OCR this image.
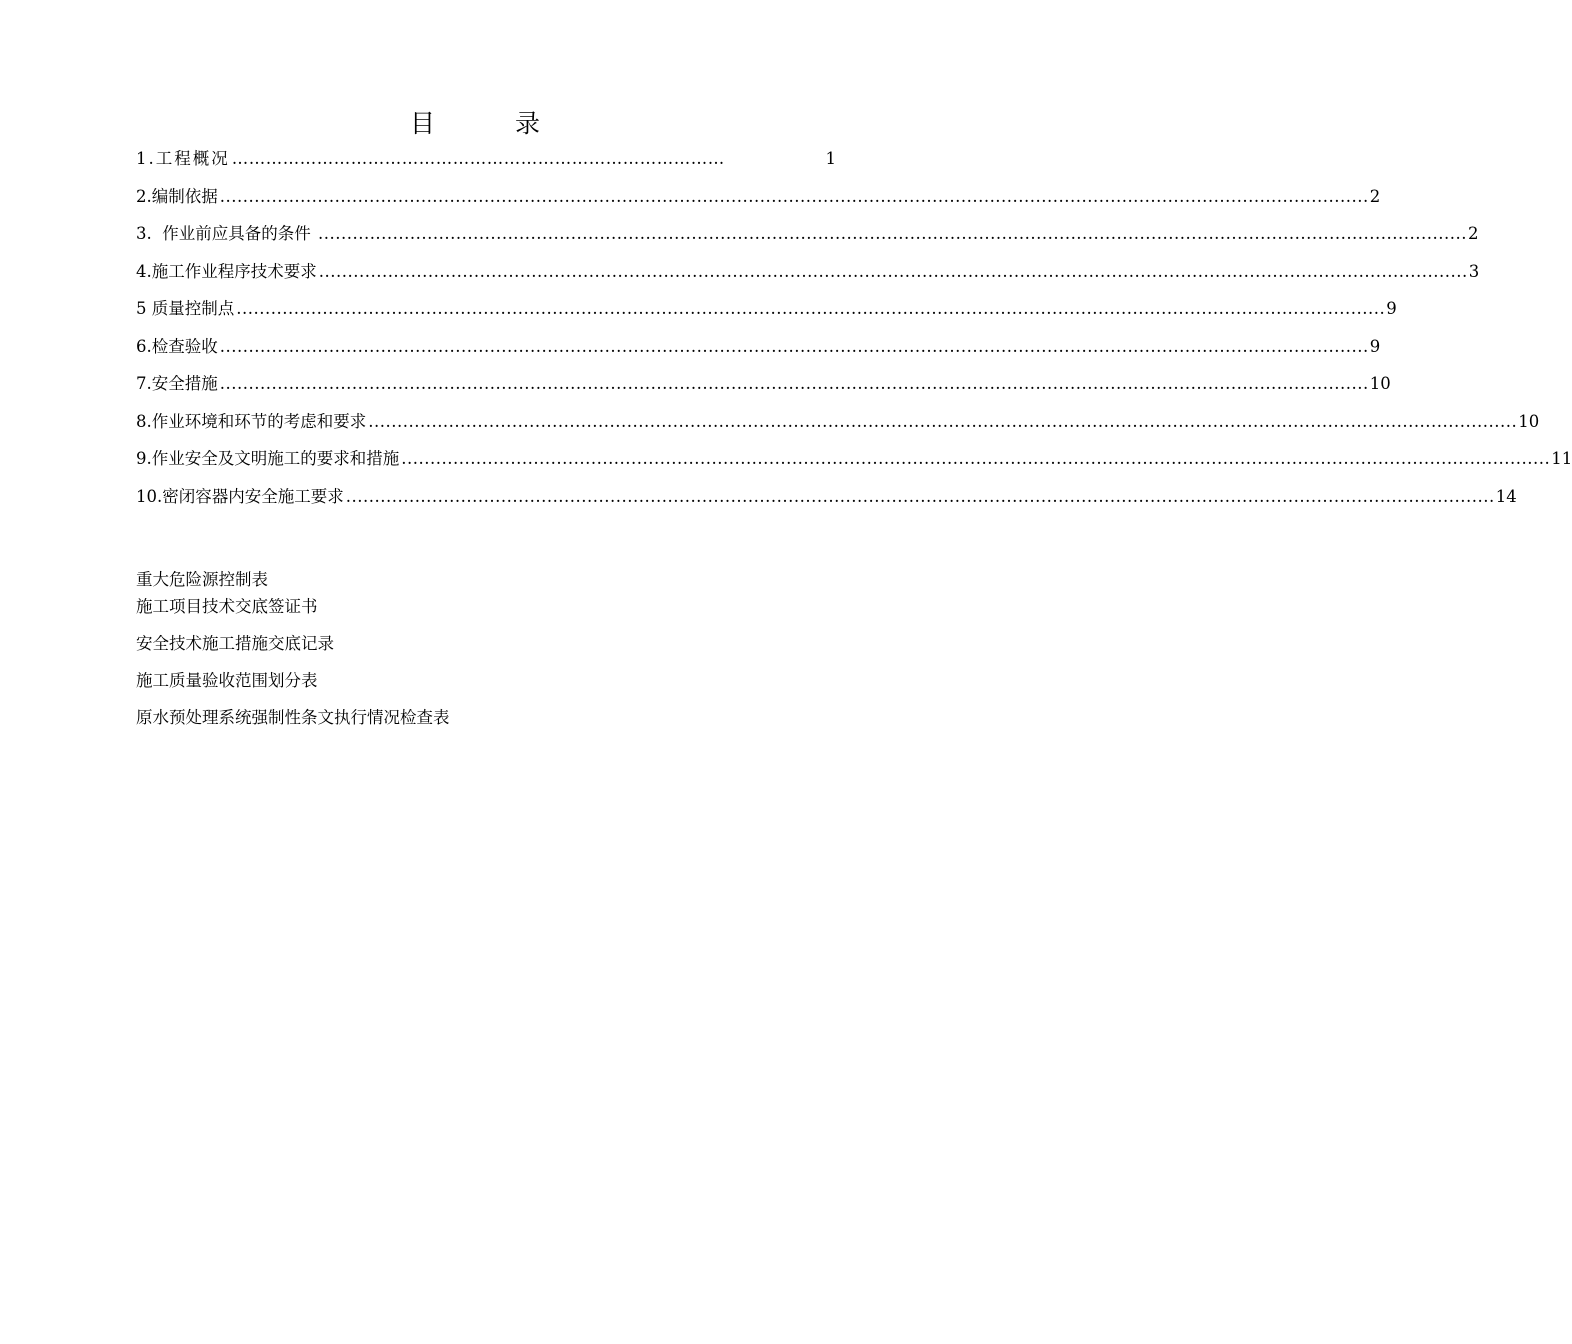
目 录
1.工程概况 ……………………………………………………………………………	1
2.编制依据 ........................................................................................................................................................................................................ 2
3.  作业前应具备的条件 ........................................................................................................................................................................................................ 2
4.施工作业程序技术要求 ........................................................................................................................................................................................................ 3
5 质量控制点 ........................................................................................................................................................................................................ 9
6.检查验收 ........................................................................................................................................................................................................ 9
7.安全措施 ........................................................................................................................................................................................................ 10
8.作业环境和环节的考虑和要求 ........................................................................................................................................................................................................ 10
9.作业安全及文明施工的要求和措施 ........................................................................................................................................................................................................ 11
10.密闭容器内安全施工要求 ........................................................................................................................................................................................................ 14
重大危险源控制表
施工项目技术交底签证书
安全技术施工措施交底记录
施工质量验收范围划分表
原水预处理系统强制性条文执行情况检查表
